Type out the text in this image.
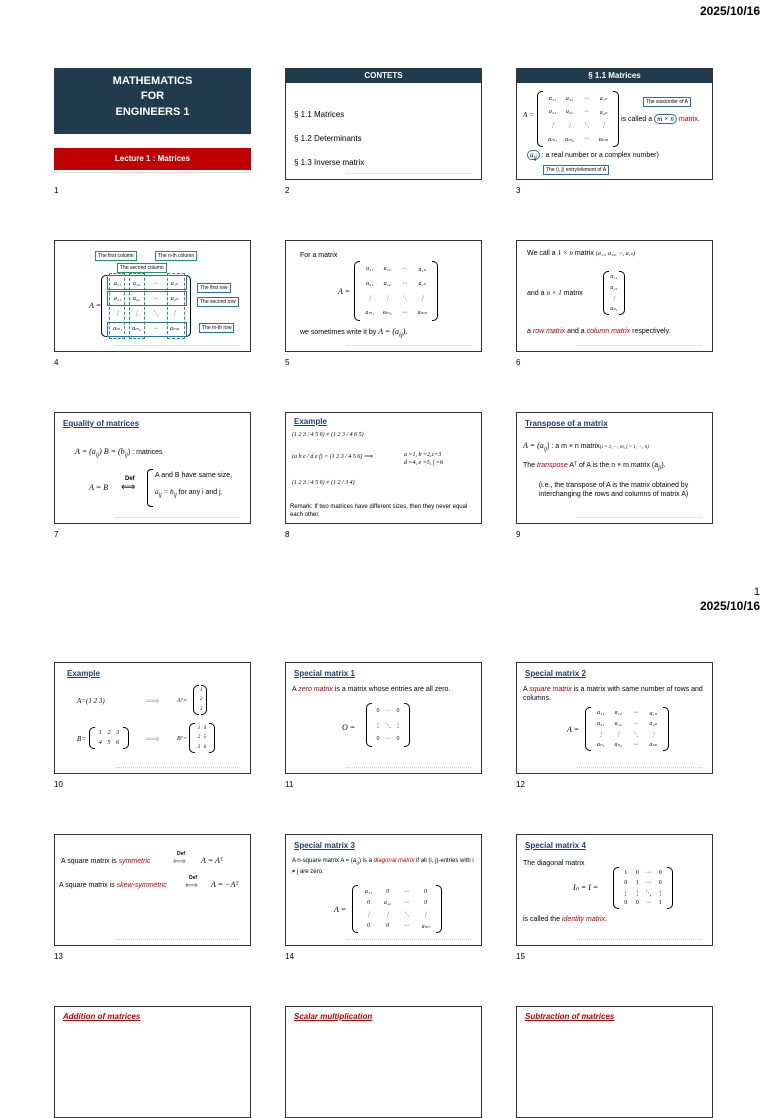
2025/10/16
MATHEMATICS
FOR
ENGINEERS 1
Lecture 1 : Matrices
1
CONTETS
§ 1.1 Matrices
§ 1.2 Determinants
§ 1.3 Inverse matrix
2
§ 1.1 Matrices
A =
a₁₁ a₁₂ ··· a₁ₙ
a₂₁ a₂₂ ··· a₂ₙ
⋮ ⋮ ⋱ ⋮
aₘ₁ aₘ₂ ··· aₘₙ
The size/order of A
is called a m × n matrix.
$a_{ij}$ : a real number or a complex number)
The (i, j) entry/element of A
3
The first column	The n-th column
The second column
A =
a₁₁ a₁₂ ··· a₁ₙ
a₂₁ a₂₂ ··· a₂ₙ
⋮ ⋮ ⋱ ⋮
aₘ₁ aₘ₂ ··· aₘₙ
The first row
The second row
The m-th row
4
For a matrix
A =
a₁₁ a₁₂ ··· a₁ₙ
a₂₁ a₂₂ ··· a₂ₙ
⋮ ⋮ ⋱ ⋮
aₘ₁ aₘ₂ ··· aₘₙ
we sometimes write it by $A = (a_{ij})$.
5
We call a 1 × n matrix (a₁₁, a₁₂, ···, a₁ₙ)
and a n × 1 matrix
a₁₁
a₂₁
⋮
aₙ₁
a row matrix and a column matrix respectively.
6
Equality of matrices
$A = (a_{ij}) B = (b_{ij})$ : matrices
A = B
Def
⟺
A and B have same size,
$a_{ij} = b_{ij}$ for any i and j.
7
Example
(1 2 3 / 4 5 6) ≠ (1 2 3 / 4 6 5)
(a b c / d e f) = (1 2 3 / 4 5 6) ⟹	a =1, b =2,c=3
d =4, e =5, f =6
(1 2 3 / 4 5 6) ≠ (1 2 / 3 4)
Remark: If two matrices have different sizes, then they never equal each other.
8
Transpose of a matrix
$A = (a_{ij})$ : a m × n matrix(i = 1, ···, m, j = 1, ···, n)
The transpose Aᵀ of A is the n × m matrix $(a_{ji})$.
(i.e., the transpose of A is the matrix obtained by interchanging the rows and columns of matrix A)
9
1
2025/10/16
Example
A=(1 2 3)	⟹	Aᵀ=
1
2
3
B=
1 2 3
4 5 6	⟹	Bᵀ=
1 4
2 5
3 6
10
Special matrix 1
A zero matrix is a matrix whose entries are all zero.
O =
0 ··· 0
⋮ ⋱ ⋮
0 ··· 0
11
Special matrix 2
A square matrix is a matrix with same number of rows and columns.
A =
a₁₁ a₁₂ ··· a₁ₙ
a₂₁ a₂₂ ··· a₂ₙ
⋮ ⋮ ⋱ ⋮
aₙ₁ aₙ₂ ··· aₙₙ
12
A square matrix is symmetric
Def
⟺ A = Aᵀ
A square matrix is skew-symmetric
Def
⟺ A = −Aᵀ
13
Special matrix 3
A n-square matrix $A = (a_{ij})$ is a diagonal matrix if all (i, j)-entries with i ≠ j are zero.
A =
a₁₁ 0	···	0
0 a₂₂ ···	0
⋮ ⋮ ⋱ ⋮
0	0	··· aₙₙ
14
Special matrix 4
The diagonal matrix
Iₙ = I =
1 0 ··· 0
0 1 ··· 0
⋮ ⋮ ⋱ ⋮
0 0 ··· 1
is called the identity matrix.
15
Addition of matrices	Scalar multiplication	Subtraction of matrices
